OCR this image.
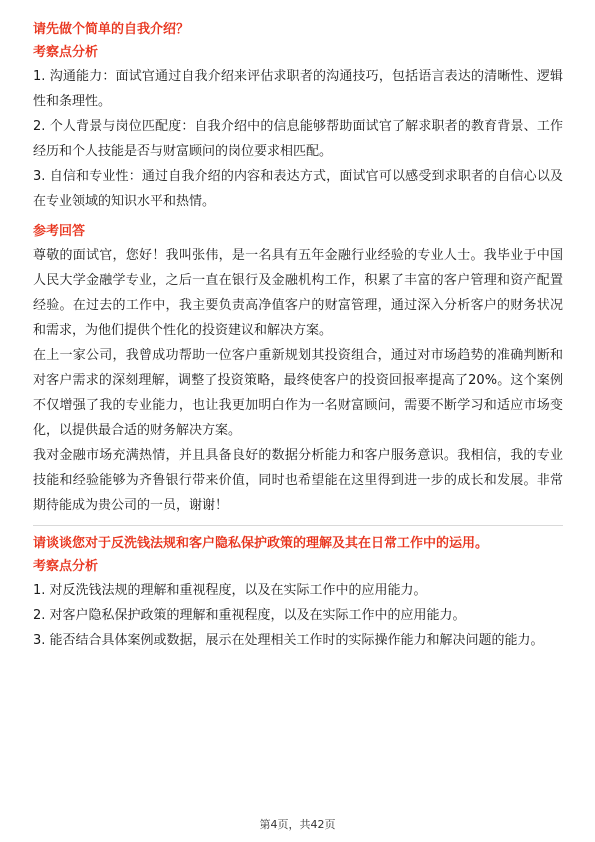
请先做个简单的自我介绍？
考察点分析

1. 沟通能力：面试官通过自我介绍来评估求职者的沟通技巧，包括语言表达的清晰性、逻辑性和条理性。

2. 个人背景与岗位匹配度：自我介绍中的信息能够帮助面试官了解求职者的教育背景、工作经历和个人技能是否与财富顾问的岗位要求相匹配。

3. 自信和专业性：通过自我介绍的内容和表达方式，面试官可以感受到求职者的自信心以及在专业领域的知识水平和热情。

参考回答

尊敬的面试官，您好！我叫张伟，是一名具有五年金融行业经验的专业人士。我毕业于中国人民大学金融学专业，之后一直在银行及金融机构工作，积累了丰富的客户管理和资产配置经验。在过去的工作中，我主要负责高净值客户的财富管理，通过深入分析客户的财务状况和需求，为他们提供个性化的投资建议和解决方案。

在上一家公司，我曾成功帮助一位客户重新规划其投资组合，通过对市场趋势的准确判断和对客户需求的深刻理解，调整了投资策略，最终使客户的投资回报率提高了20%。这个案例不仅增强了我的专业能力，也让我更加明白作为一名财富顾问，需要不断学习和适应市场变化，以提供最合适的财务解决方案。

我对金融市场充满热情，并且具备良好的数据分析能力和客户服务意识。我相信，我的专业技能和经验能够为齐鲁银行带来价值，同时也希望能在这里得到进一步的成长和发展。非常期待能成为贵公司的一员，谢谢！

请谈谈您对于反洗钱法规和客户隐私保护政策的理解及其在日常工作中的运用。
考察点分析

1. 对反洗钱法规的理解和重视程度，以及在实际工作中的应用能力。

2. 对客户隐私保护政策的理解和重视程度，以及在实际工作中的应用能力。

3. 能否结合具体案例或数据，展示在处理相关工作时的实际操作能力和解决问题的能力。

第4页，共42页
